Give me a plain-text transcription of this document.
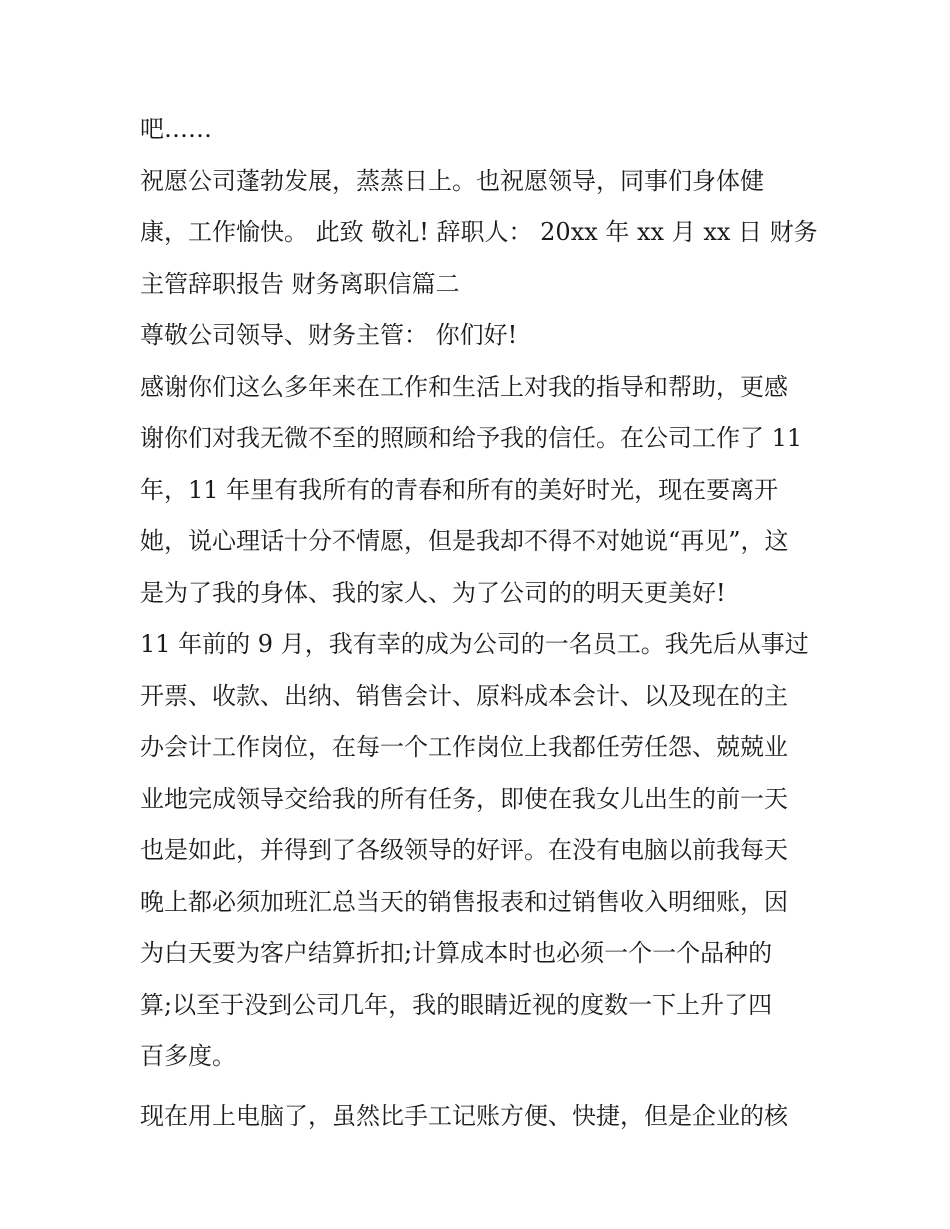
吧……
祝愿公司蓬勃发展，蒸蒸日上。也祝愿领导，同事们身体健
康，工作愉快。 此致 敬礼! 辞职人： 20xx 年 xx 月 xx 日 财务
主管辞职报告 财务离职信篇二
尊敬公司领导、财务主管： 你们好!
感谢你们这么多年来在工作和生活上对我的指导和帮助，更感
谢你们对我无微不至的照顾和给予我的信任。在公司工作了 11
年，11 年里有我所有的青春和所有的美好时光，现在要离开
她，说心理话十分不情愿，但是我却不得不对她说“再见”，这
是为了我的身体、我的家人、为了公司的的明天更美好!
11 年前的 9 月，我有幸的成为公司的一名员工。我先后从事过
开票、收款、出纳、销售会计、原料成本会计、以及现在的主
办会计工作岗位，在每一个工作岗位上我都任劳任怨、兢兢业
业地完成领导交给我的所有任务，即使在我女儿出生的前一天
也是如此，并得到了各级领导的好评。在没有电脑以前我每天
晚上都必须加班汇总当天的销售报表和过销售收入明细账，因
为白天要为客户结算折扣;计算成本时也必须一个一个品种的
算;以至于没到公司几年，我的眼睛近视的度数一下上升了四
百多度。
现在用上电脑了，虽然比手工记账方便、快捷，但是企业的核
